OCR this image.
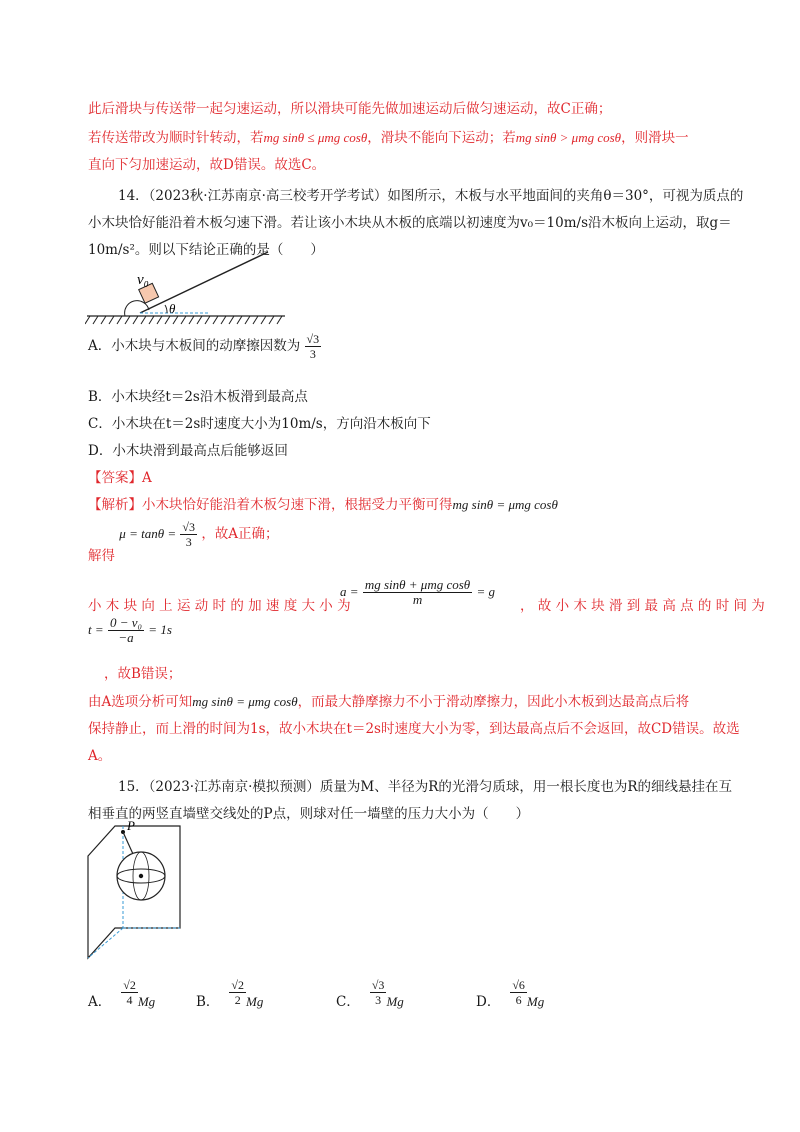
此后滑块与传送带一起匀速运动，所以滑块可能先做加速运动后做匀速运动，故C正确；
若传送带改为顺时针转动，若mg sinθ ≤ μmg cosθ，滑块不能向下运动；若mg sinθ > μmg cosθ，则滑块一
直向下匀加速运动，故D错误。故选C。
14．（2023秋·江苏南京·高三校考开学考试）如图所示，木板与水平地面间的夹角θ＝30°，可视为质点的
小木块恰好能沿着木板匀速下滑。若让该小木块从木板的底端以初速度为v₀＝10m/s沿木板向上运动，取g＝
10m/s²。则以下结论正确的是（　　）
v₀
θ
A．小木块与木板间的动摩擦因数为 $\frac{√3}{3}$
B．小木块经t＝2s沿木板滑到最高点
C．小木块在t＝2s时速度大小为10m/s，方向沿木板向下
D．小木块滑到最高点后能够返回
【答案】A
【解析】小木块恰好能沿着木板匀速下滑，根据受力平衡可得mg sinθ = μmg cosθ
解得 $\mu = \tan\theta = \frac{√3}{3}$ ，故A正确；
小 木 块 向 上 运 动 时 的 加 速 度 大 小 为
$a = \frac{\text{mg sinθ + μmg cosθ}}{m} = g$
， 故 小 木 块 滑 到 最 高 点 的 时 间 为
$t = \frac{\text{0 − v₀}}{-a} = 1s$
，故B错误；
由A选项分析可知mg sinθ = μmg cosθ，而最大静摩擦力不小于滑动摩擦力，因此小木板到达最高点后将
保持静止，而上滑的时间为1s，故小木块在t＝2s时速度大小为零，到达最高点后不会返回，故CD错误。故选
A。
15．（2023·江苏南京·模拟预测）质量为M、半径为R的光滑匀质球，用一根长度也为R的细线悬挂在互
相垂直的两竖直墙壁交线处的P点，则球对任一墙壁的压力大小为（　　）
P
A． $\frac{√2}{4}$ Mg	B． $\frac{√2}{2}$ Mg	C． $\frac{√3}{3}$ Mg	D． $\frac{√6}{6}$ Mg
